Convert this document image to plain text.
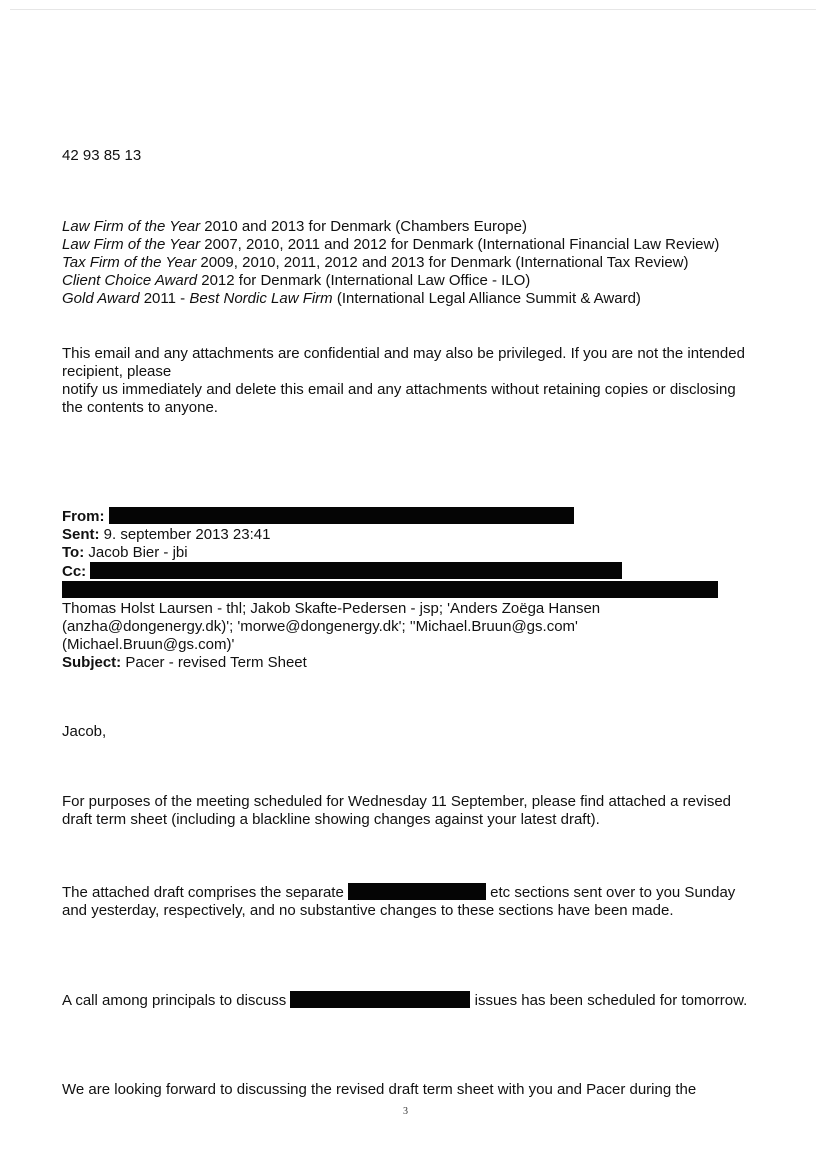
42 93 85 13

Law Firm of the Year 2010 and 2013 for Denmark (Chambers Europe)

Law Firm of the Year 2007, 2010, 2011 and 2012 for Denmark (International Financial Law Review)

Tax Firm of the Year 2009, 2010, 2011, 2012 and 2013 for Denmark (International Tax Review)

Client Choice Award 2012 for Denmark (International Law Office - ILO)

Gold Award 2011 - Best Nordic Law Firm (International Legal Alliance Summit & Award)

This email and any attachments are confidential and may also be privileged. If you are not the intended recipient, please

notify us immediately and delete this email and any attachments without retaining copies or disclosing the contents to anyone.

From:

Sent: 9. september 2013 23:41

To: Jacob Bier - jbi

Cc:

Thomas Holst Laursen - thl; Jakob Skafte-Pedersen - jsp; 'Anders Zoëga Hansen (anzha@dongenergy.dk)'; 'morwe@dongenergy.dk'; ''Michael.Bruun@gs.com' (Michael.Bruun@gs.com)'

Subject: Pacer - revised Term Sheet

Jacob,
For purposes of the meeting scheduled for Wednesday 11 September, please find attached a revised draft term sheet (including a blackline showing changes against your latest draft).
The attached draft comprises the separate	etc sections sent over to you Sunday and yesterday, respectively, and no substantive changes to these sections have been made.
A call among principals to discuss	issues has been scheduled for tomorrow.
We are looking forward to discussing the revised draft term sheet with you and Pacer during the
3
